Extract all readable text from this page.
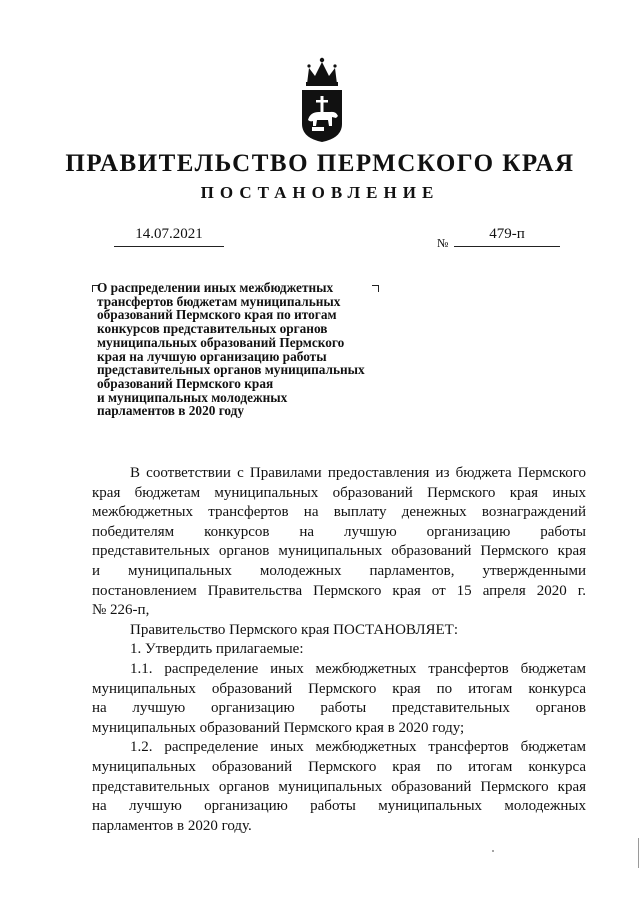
ПРАВИТЕЛЬСТВО ПЕРМСКОГО КРАЯ
ПОСТАНОВЛЕНИЕ
14.07.2021
№
479-п
О распределении иных межбюджетных
трансфертов бюджетам муниципальных
образований Пермского края по итогам
конкурсов представительных органов
муниципальных образований Пермского
края на лучшую организацию работы
представительных органов муниципальных
образований Пермского края
и муниципальных молодежных
парламентов в 2020 году
В соответствии с Правилами предоставления из бюджета Пермского
края бюджетам муниципальных образований Пермского края иных
межбюджетных трансфертов на выплату денежных вознаграждений
победителям конкурсов на лучшую организацию работы
представительных органов муниципальных образований Пермского края
и муниципальных молодежных парламентов, утвержденными
постановлением Правительства Пермского края от 15 апреля 2020 г.
№ 226-п,
Правительство Пермского края ПОСТАНОВЛЯЕТ:
1. Утвердить прилагаемые:
1.1. распределение иных межбюджетных трансфертов бюджетам
муниципальных образований Пермского края по итогам конкурса
на лучшую организацию работы представительных органов
муниципальных образований Пермского края в 2020 году;
1.2. распределение иных межбюджетных трансфертов бюджетам
муниципальных образований Пермского края по итогам конкурса
представительных органов муниципальных образований Пермского края
на лучшую организацию работы муниципальных молодежных
парламентов в 2020 году.
